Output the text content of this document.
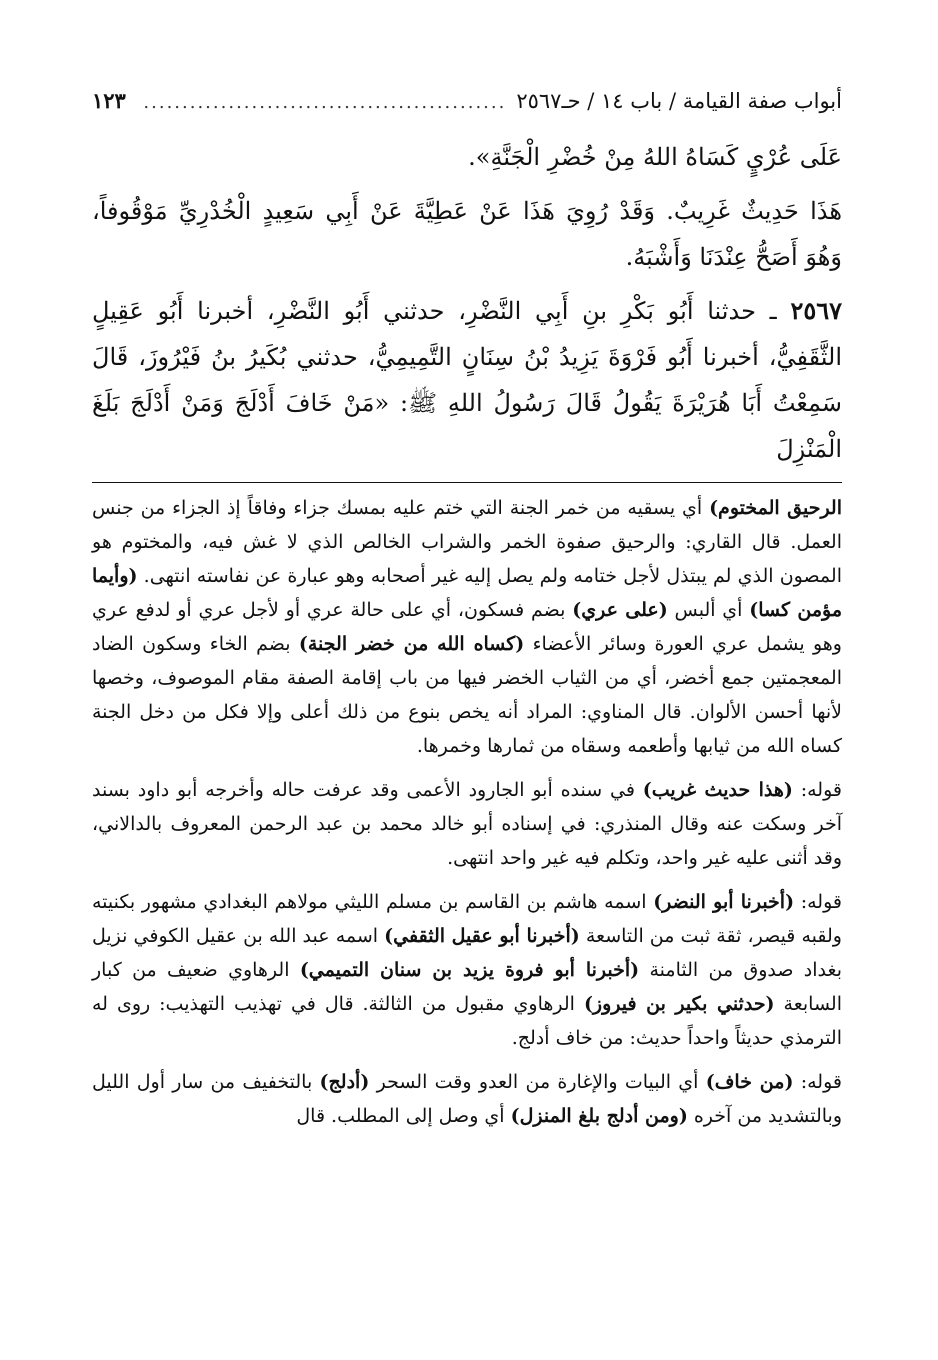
أبواب صفة القيامة / باب ١٤ / حـ٢٥٦٧
...............................................
١٢٣

عَلَى عُرْيٍ كَسَاهُ اللهُ مِنْ خُضْرِ الْجَنَّةِ».

هَذَا حَدِيثٌ غَرِيبٌ. وَقَدْ رُوِيَ هَذَا عَنْ عَطِيَّةَ عَنْ أَبِي سَعِيدٍ الْخُدْرِيِّ مَوْقُوفاً، وَهُوَ أَصَحُّ عِنْدَنَا وَأَشْبَهُ.

٢٥٦٧ ـ حدثنا أَبُو بَكْرِ بنِ أَبِي النَّضْرِ، حدثني أَبُو النَّضْرِ، أخبرنا أَبُو عَقِيلٍ الثَّقَفِيُّ، أخبرنا أَبُو فَرْوَةَ يَزِيدُ بْنُ سِنَانٍ التَّمِيمِيُّ، حدثني بُكَيرُ بنُ فَيْرُوزَ، قَالَ سَمِعْتُ أَبَا هُرَيْرَةَ يَقُولُ قَالَ رَسُولُ اللهِ ﷺ: «مَنْ خَافَ أَدْلَجَ وَمَنْ أَدْلَجَ بَلَغَ الْمَنْزِلَ

الرحيق المختوم) أي يسقيه من خمر الجنة التي ختم عليه بمسك جزاء وفاقاً إذ الجزاء من جنس العمل. قال القاري: والرحيق صفوة الخمر والشراب الخالص الذي لا غش فيه، والمختوم هو المصون الذي لم يبتذل لأجل ختامه ولم يصل إليه غير أصحابه وهو عبارة عن نفاسته انتهى. (وأيما مؤمن كسا) أي ألبس (على عري) بضم فسكون، أي على حالة عري أو لأجل عري أو لدفع عري وهو يشمل عري العورة وسائر الأعضاء (كساه الله من خضر الجنة) بضم الخاء وسكون الضاد المعجمتين جمع أخضر، أي من الثياب الخضر فيها من باب إقامة الصفة مقام الموصوف، وخصها لأنها أحسن الألوان. قال المناوي: المراد أنه يخص بنوع من ذلك أعلى وإلا فكل من دخل الجنة كساه الله من ثيابها وأطعمه وسقاه من ثمارها وخمرها.

قوله: (هذا حديث غريب) في سنده أبو الجارود الأعمى وقد عرفت حاله وأخرجه أبو داود بسند آخر وسكت عنه وقال المنذري: في إسناده أبو خالد محمد بن عبد الرحمن المعروف بالدالاني، وقد أثنى عليه غير واحد، وتكلم فيه غير واحد انتهى.

قوله: (أخبرنا أبو النضر) اسمه هاشم بن القاسم بن مسلم الليثي مولاهم البغدادي مشهور بكنيته ولقبه قيصر، ثقة ثبت من التاسعة (أخبرنا أبو عقيل الثقفي) اسمه عبد الله بن عقيل الكوفي نزيل بغداد صدوق من الثامنة (أخبرنا أبو فروة يزيد بن سنان التميمي) الرهاوي ضعيف من كبار السابعة (حدثني بكير بن فيروز) الرهاوي مقبول من الثالثة. قال في تهذيب التهذيب: روى له الترمذي حديثاً واحداً حديث: من خاف أدلج.

قوله: (من خاف) أي البيات والإغارة من العدو وقت السحر (أدلج) بالتخفيف من سار أول الليل وبالتشديد من آخره (ومن أدلج بلغ المنزل) أي وصل إلى المطلب. قال
